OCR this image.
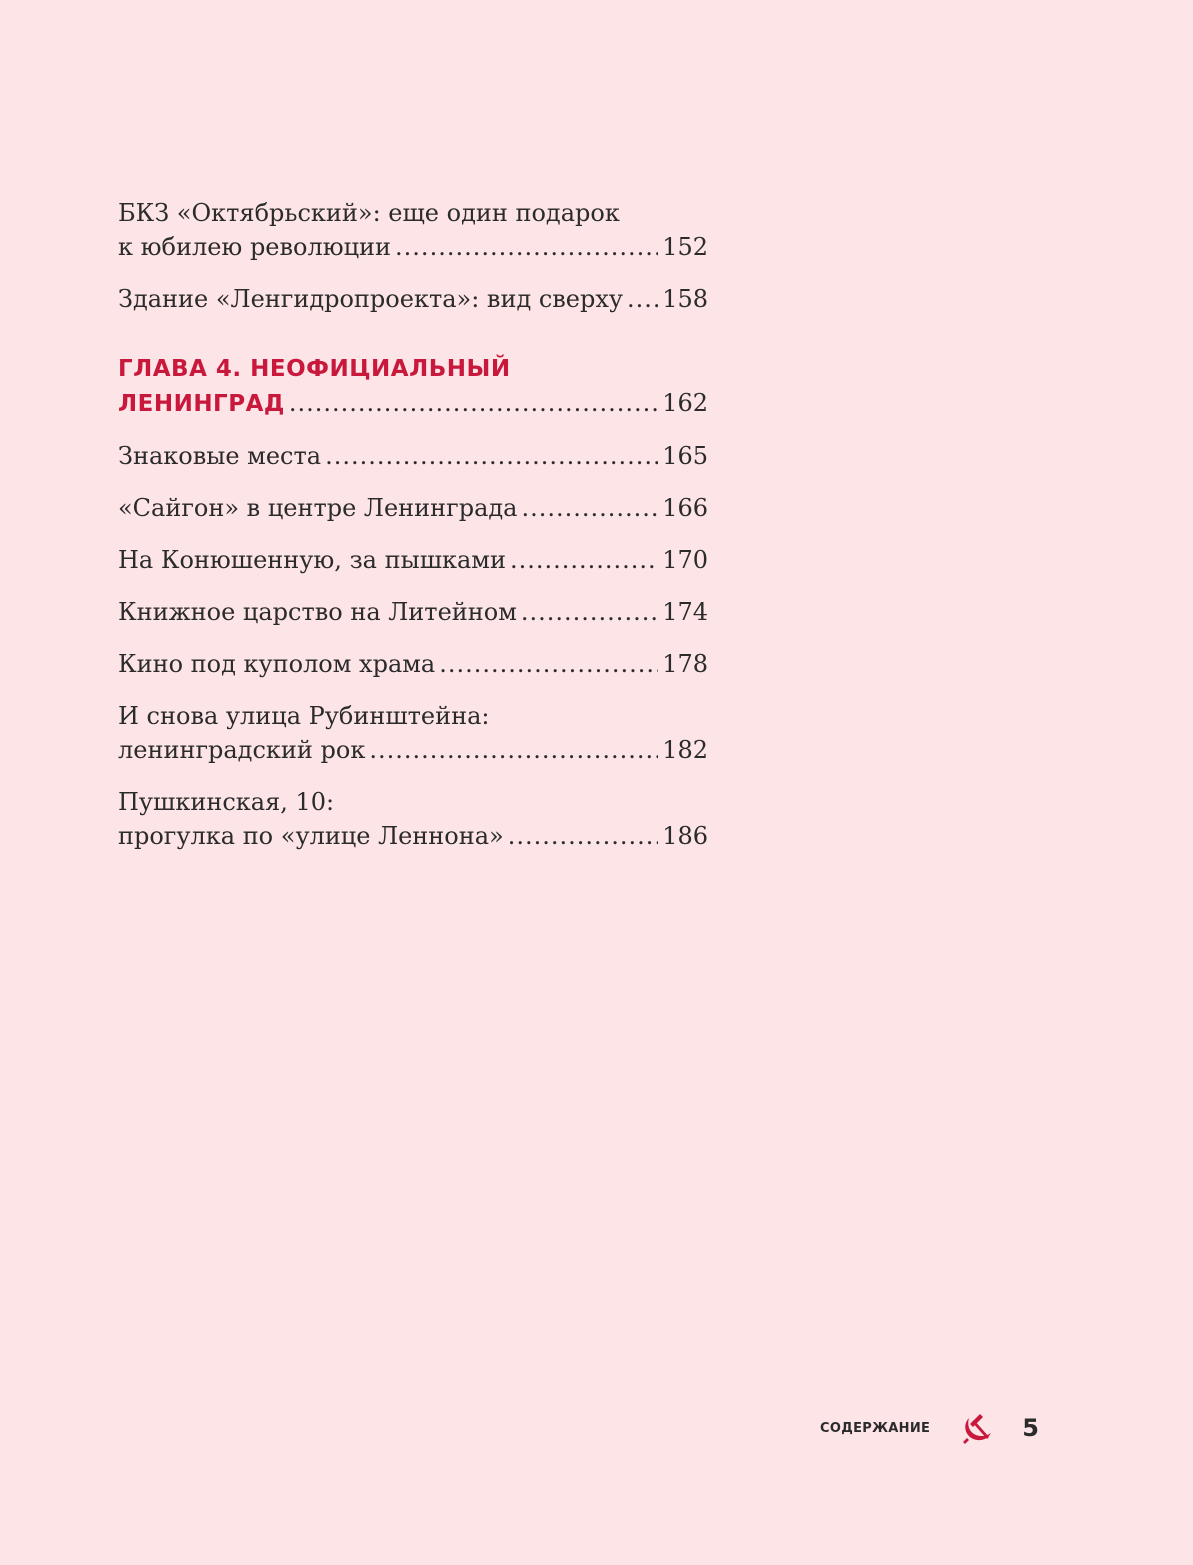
БКЗ «Октябрьский»: еще один подарок
к юбилею революции .....	152
Здание «Ленгидропроекта»: вид сверху ..... 158
ГЛАВА 4. НЕОФИЦИАЛЬНЫЙ
ЛЕНИНГРАД .....	162
Знаковые места .....	165
«Сайгон» в центре Ленинграда .....	166
На Конюшенную, за пышками .....	170
Книжное царство на Литейном .....	174
Кино под куполом храма .....	178
И снова улица Рубинштейна:
ленинградский рок .....	182
Пушкинская, 10:
прогулка по «улице Леннона» .....	186
СОДЕРЖАНИЕ	5
